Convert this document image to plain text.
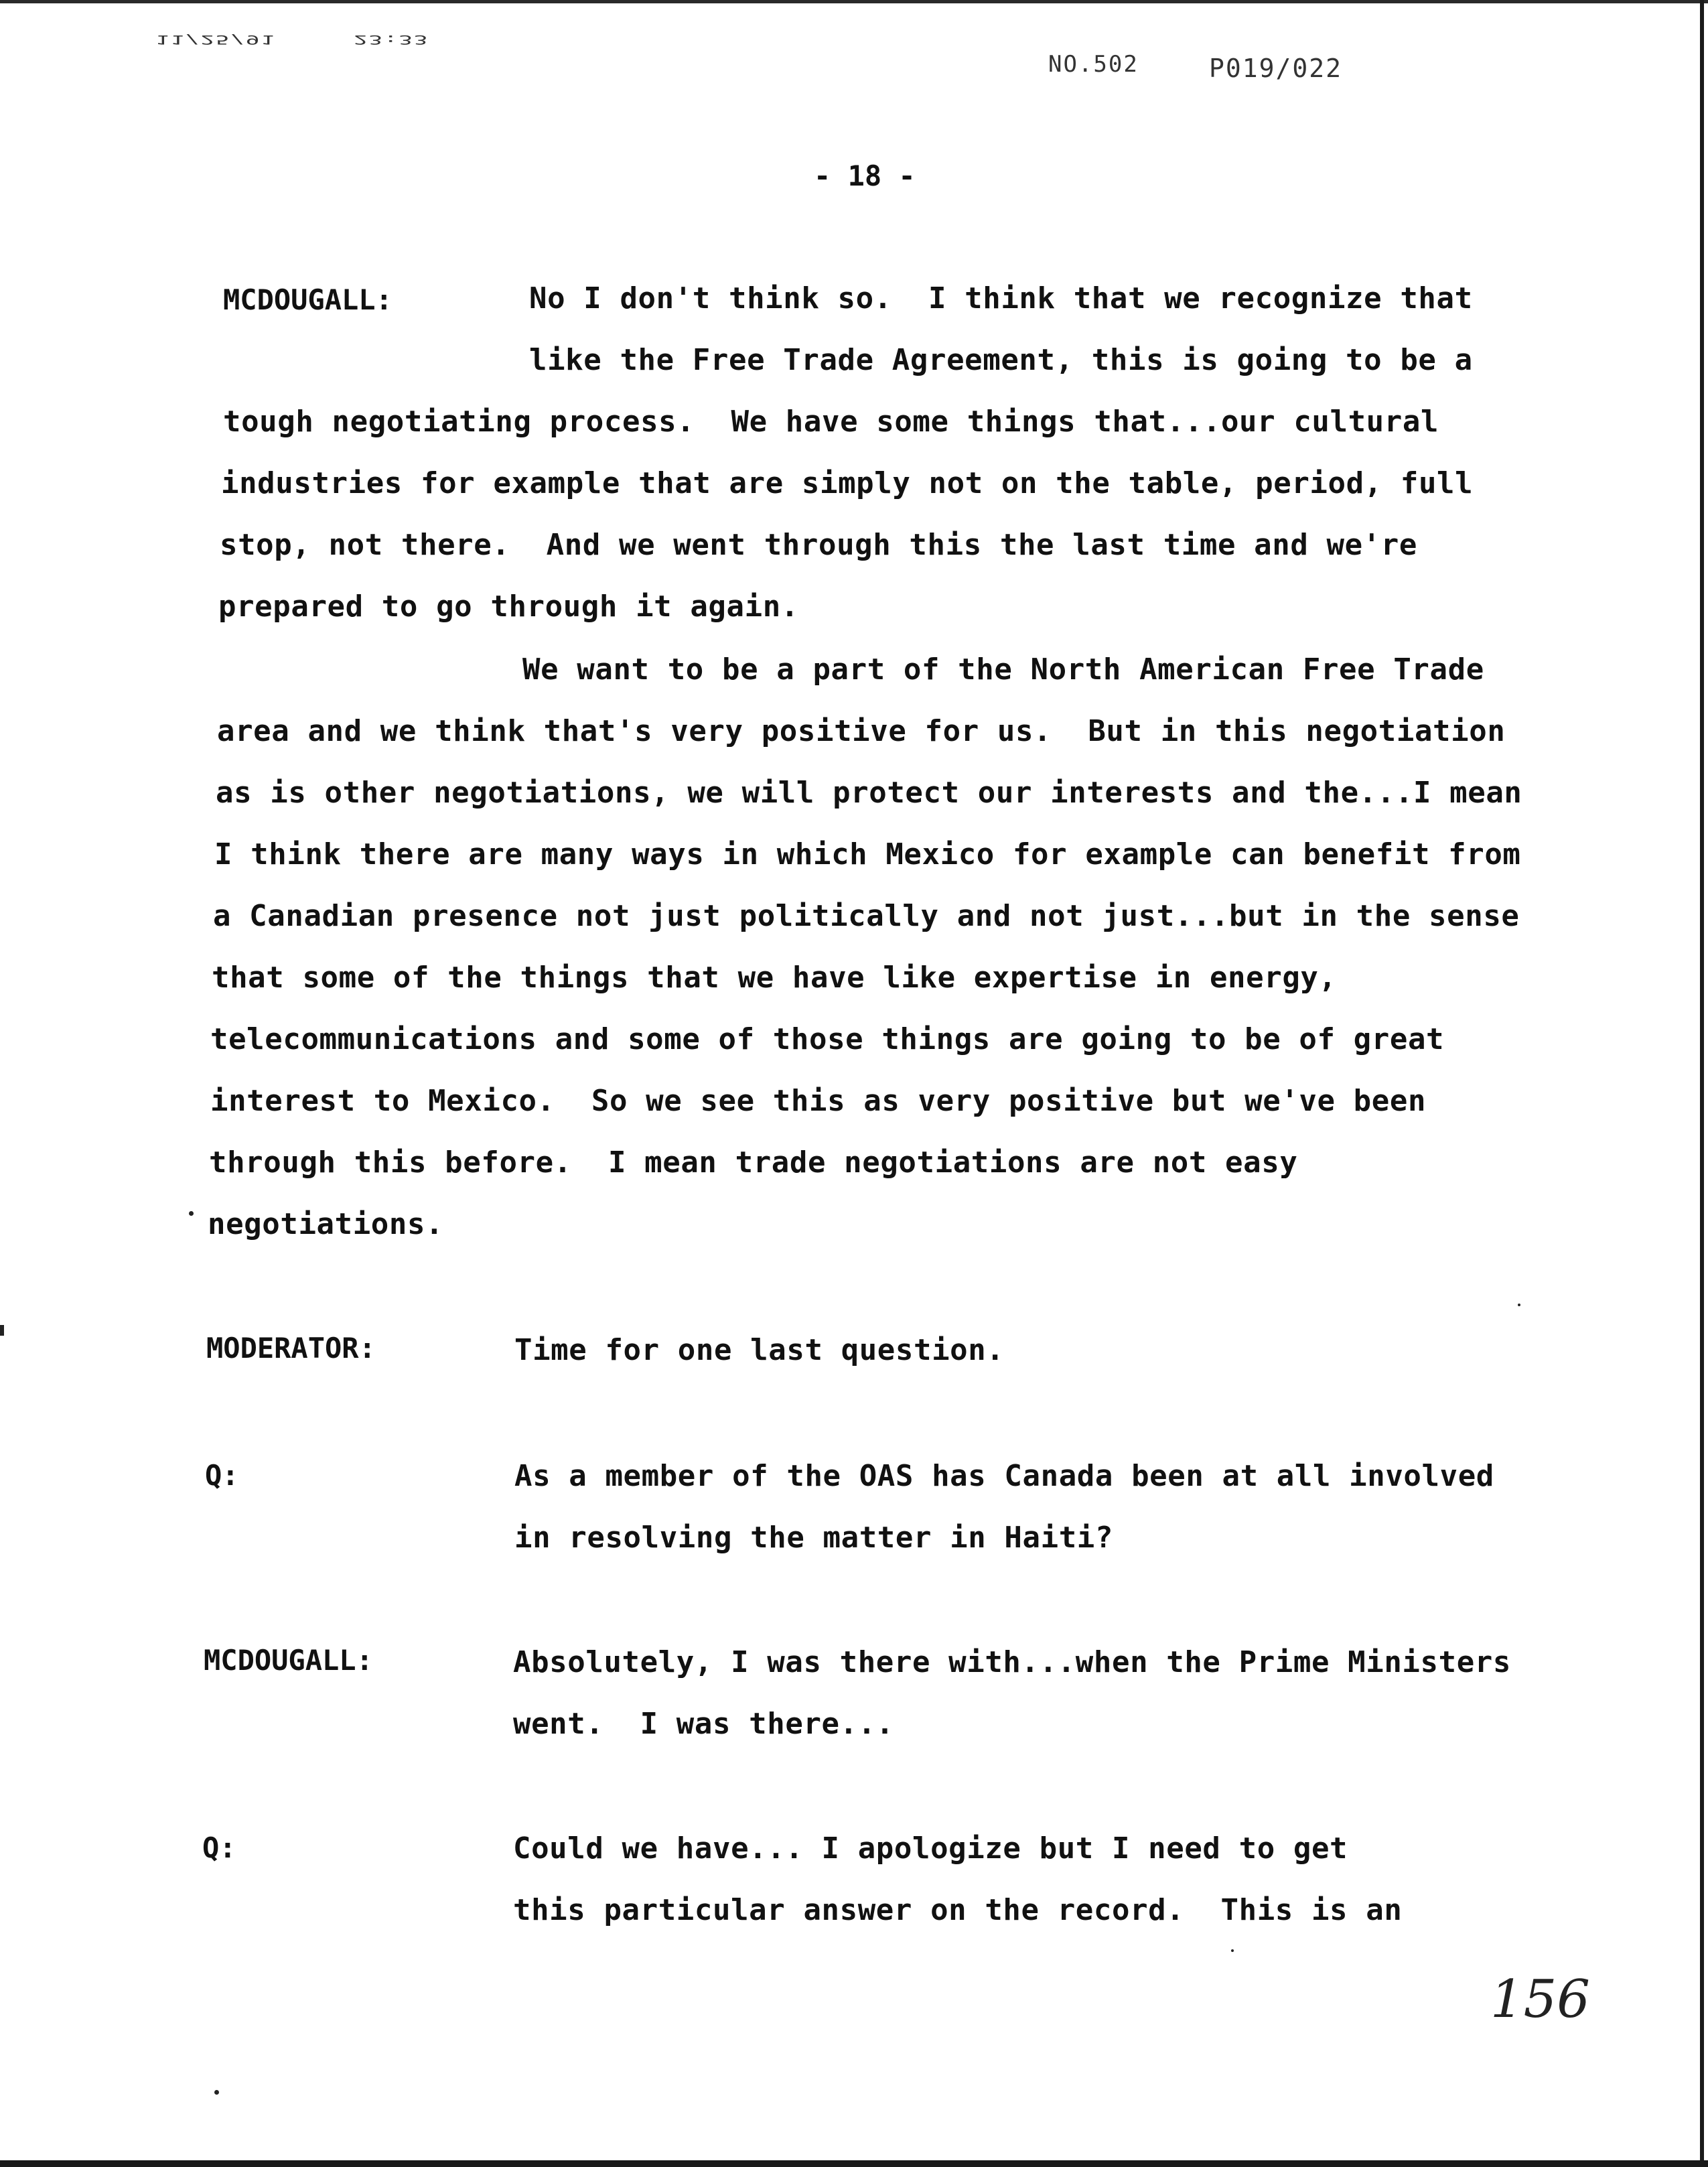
11/25/91	23:33
NO.502	P019/022
- 18 -
MCDOUGALL:	No I don't think so.  I think that we recognize that
like the Free Trade Agreement, this is going to be a
tough negotiating process.  We have some things that...our cultural
industries for example that are simply not on the table, period, full
stop, not there.  And we went through this the last time and we're
prepared to go through it again.
We want to be a part of the North American Free Trade
area and we think that's very positive for us.  But in this negotiation
as is other negotiations, we will protect our interests and the...I mean
I think there are many ways in which Mexico for example can benefit from
a Canadian presence not just politically and not just...but in the sense
that some of the things that we have like expertise in energy,
telecommunications and some of those things are going to be of great
interest to Mexico.  So we see this as very positive but we've been
through this before.  I mean trade negotiations are not easy
negotiations.
MODERATOR:	Time for one last question.
Q:	As a member of the OAS has Canada been at all involved
in resolving the matter in Haiti?
MCDOUGALL:	Absolutely, I was there with...when the Prime Ministers
went.  I was there...
Q:	Could we have... I apologize but I need to get
this particular answer on the record.  This is an
156
